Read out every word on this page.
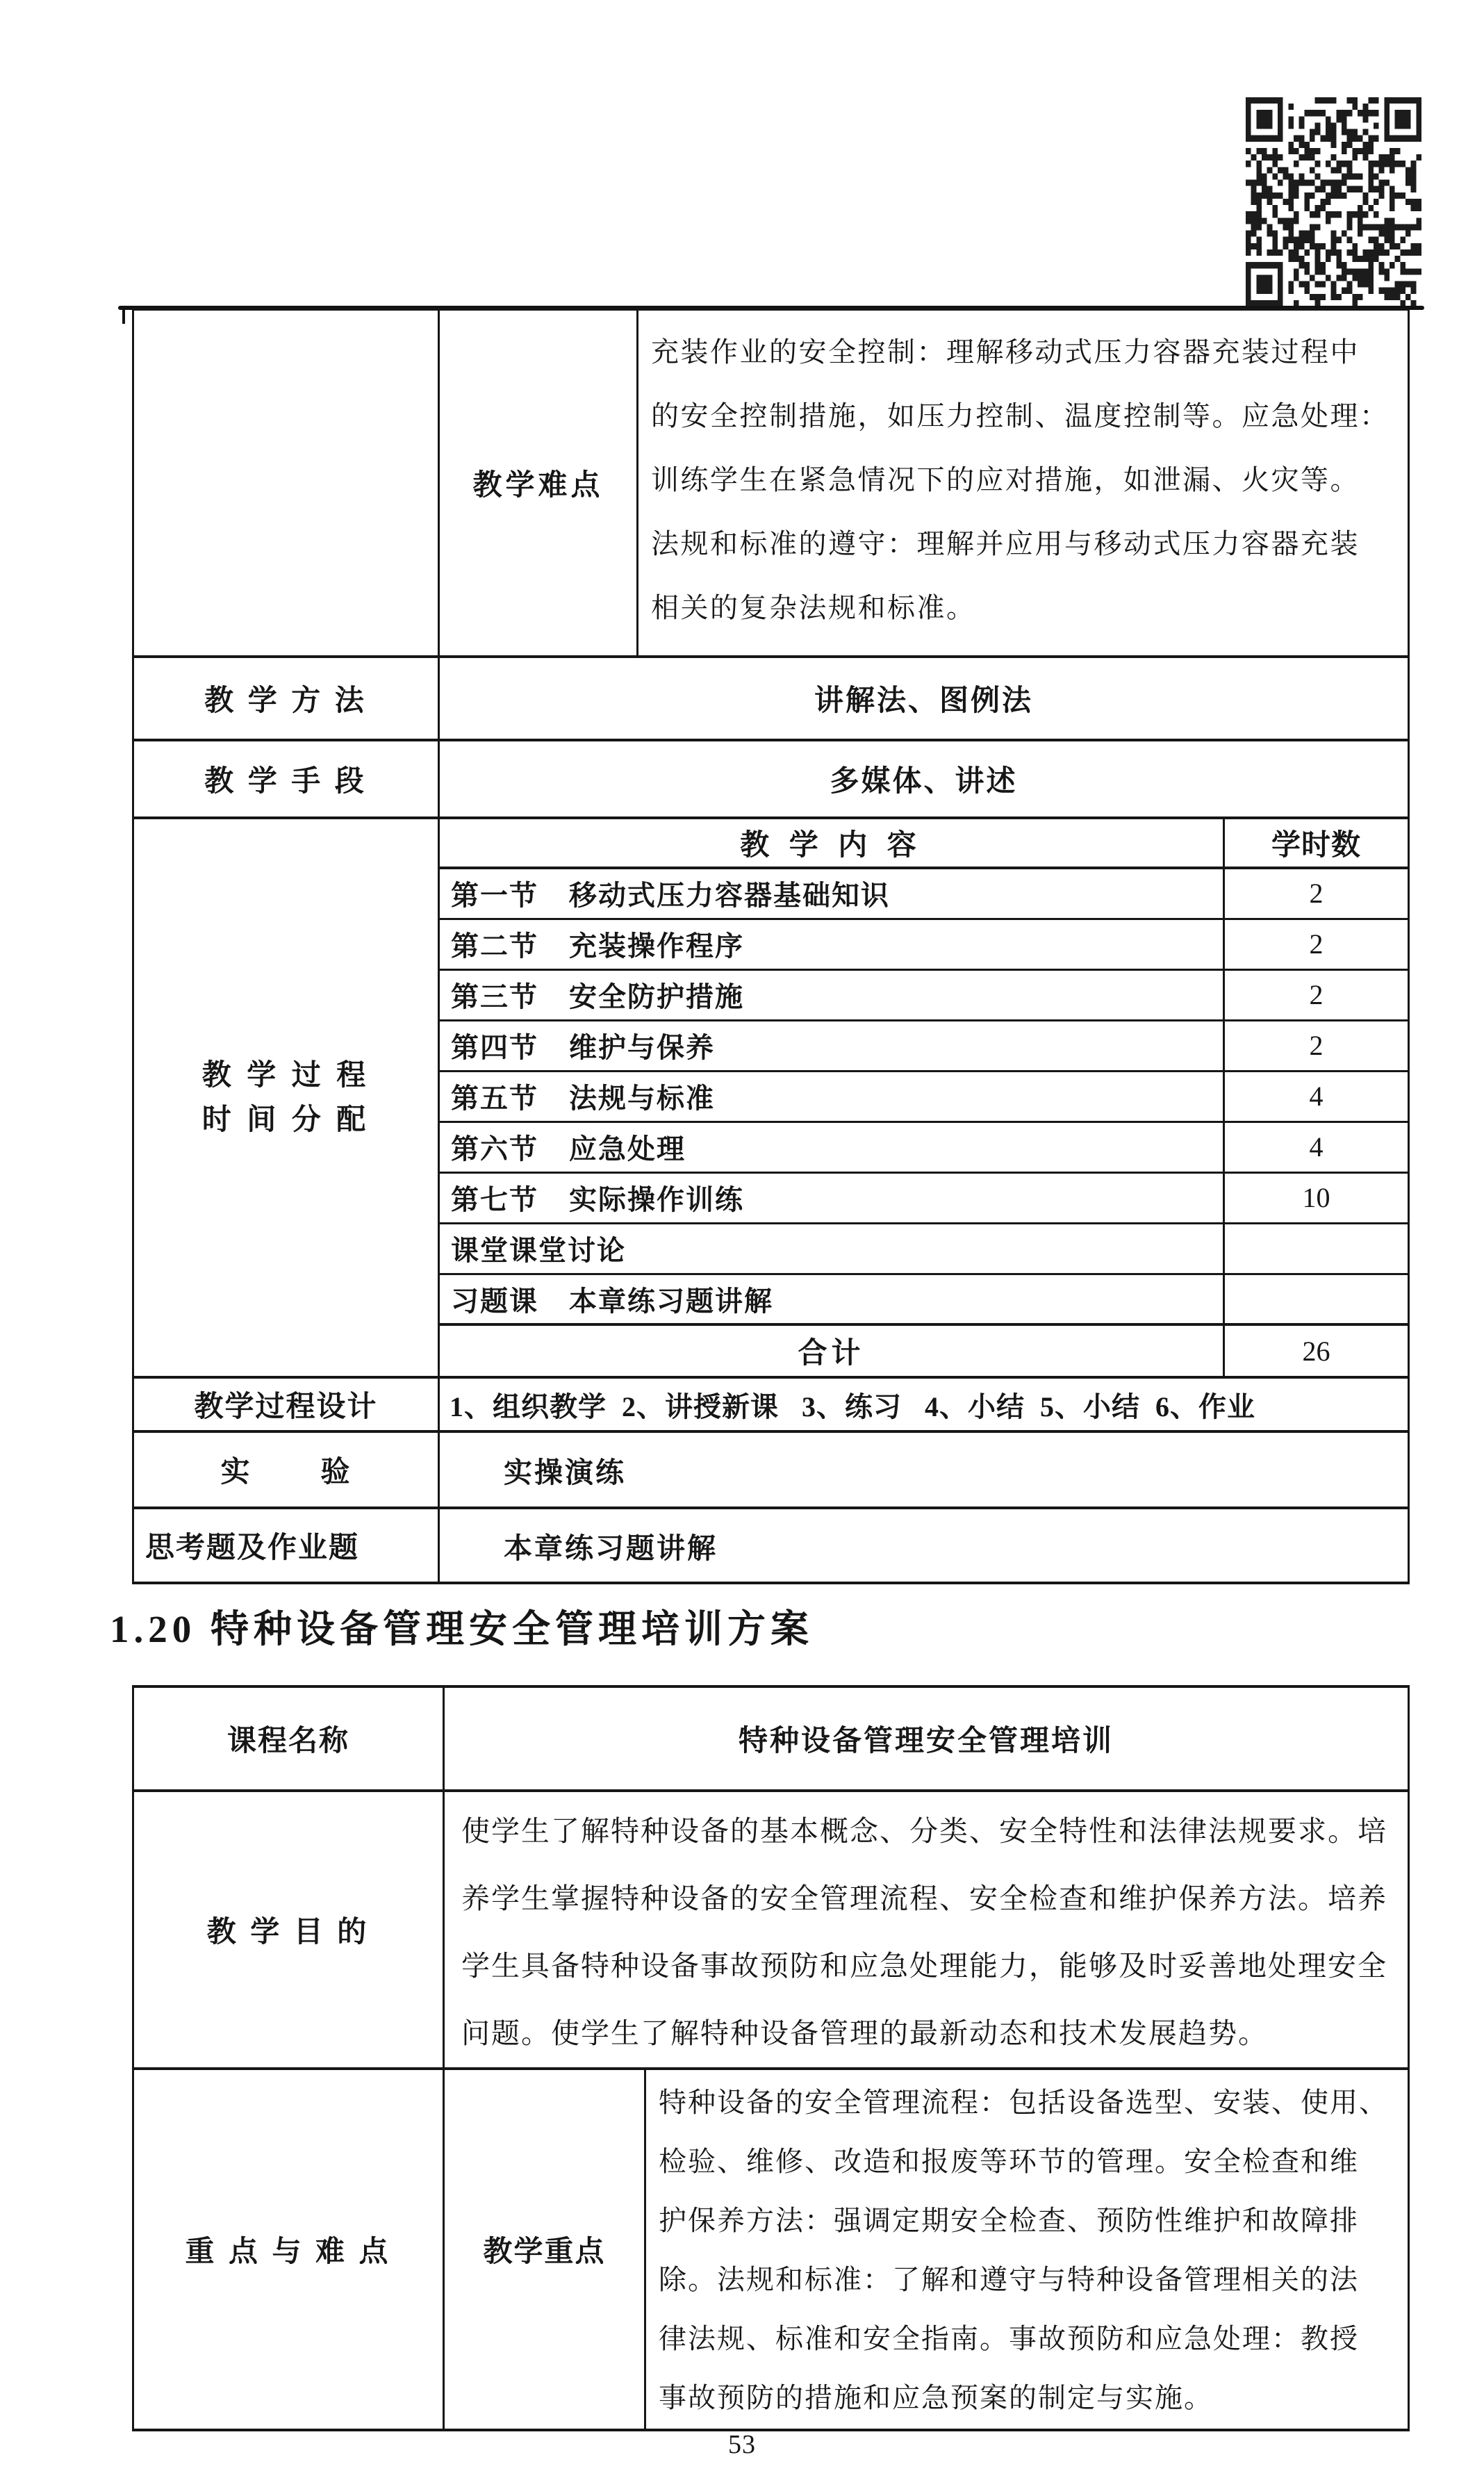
	教学难点	充装作业的安全控制：理解移动式压力容器充装过程中
的安全控制措施，如压力控制、温度控制等。应急处理：
训练学生在紧急情况下的应对措施，如泄漏、火灾等。
法规和标准的遵守：理解并应用与移动式压力容器充装
相关的复杂法规和标准。	

教 学 方 法	讲解法、图例法		
教 学 手 段	多媒体、讲述		

教 学 过 程
时 间 分 配	教 学 内 容		学时数

	第一节 移动式压力容器基础知识		2

	第二节 充装操作程序		2

	第三节 安全防护措施		2

	第四节 维护与保养		2

	第五节 法规与标准		4

	第六节 应急处理		4

	第七节 实际操作训练		10

	课堂课堂讨论		

	习题课 本章练习题讲解		

	合计		26
教学过程设计	1、组织教学  2、讲授新课   3、练习   4、小结  5、小结  6、作业		
实        验	实操演练		
思考题及作业题	本章练习题讲解		
1.20 特种设备管理安全管理培训方案
课程名称	特种设备管理安全管理培训	
教 学 目 的	使学生了解特种设备的基本概念、分类、安全特性和法律法规要求。培
养学生掌握特种设备的安全管理流程、安全检查和维护保养方法。培养
学生具备特种设备事故预防和应急处理能力，能够及时妥善地处理安全
问题。使学生了解特种设备管理的最新动态和技术发展趋势。	

重 点 与 难 点	教学重点	
特种设备的安全管理流程：包括设备选型、安装、使用、
检验、维修、改造和报废等环节的管理。安全检查和维
护保养方法：强调定期安全检查、预防性维护和故障排
除。法规和标准：了解和遵守与特种设备管理相关的法
律法规、标准和安全指南。事故预防和应急处理：教授
事故预防的措施和应急预案的制定与实施。
53
